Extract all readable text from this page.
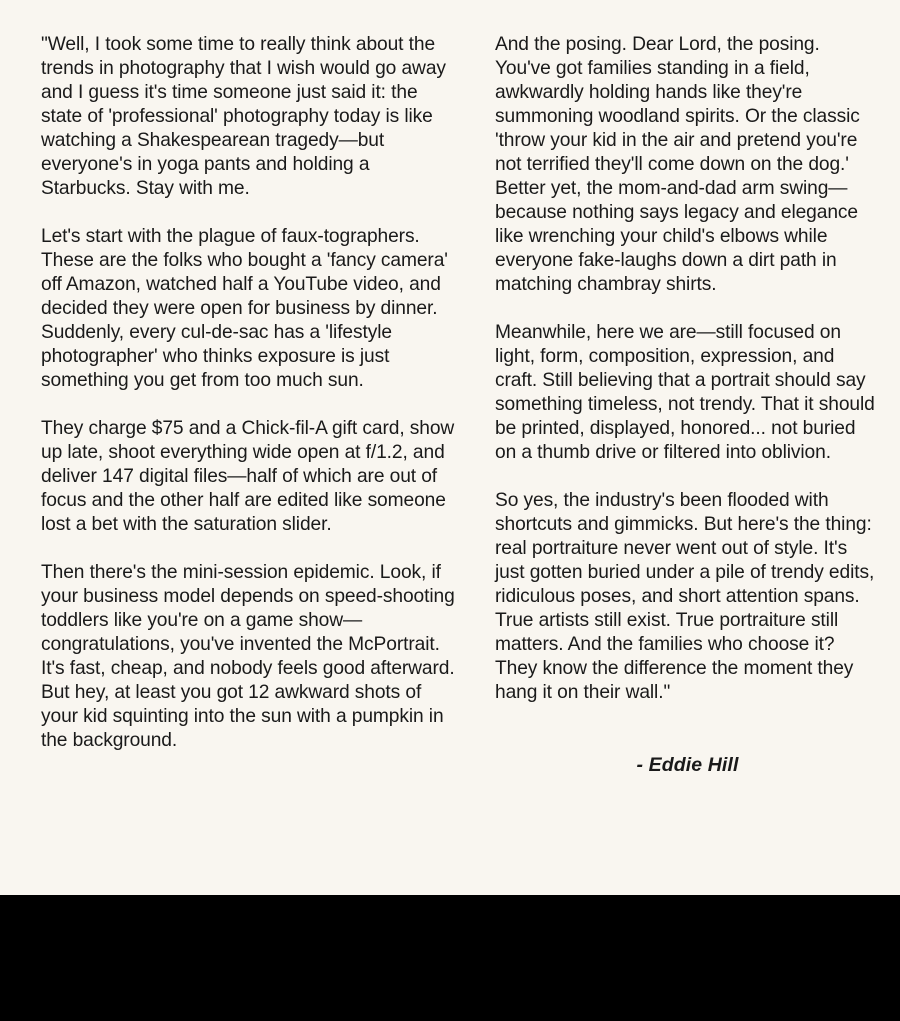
"Well, I took some time to really think about the trends in photography that I wish would go away and I guess it's time someone just said it: the state of 'professional' photography today is like watching a Shakespearean tragedy—but everyone's in yoga pants and holding a Starbucks. Stay with me.

Let's start with the plague of faux-tographers. These are the folks who bought a 'fancy camera' off Amazon, watched half a YouTube video, and decided they were open for business by dinner. Suddenly, every cul-de-sac has a 'lifestyle photographer' who thinks exposure is just something you get from too much sun.

They charge $75 and a Chick-fil-A gift card, show up late, shoot everything wide open at f/1.2, and deliver 147 digital files—half of which are out of focus and the other half are edited like someone lost a bet with the saturation slider.

Then there's the mini-session epidemic. Look, if your business model depends on speed-shooting toddlers like you're on a game show—congratulations, you've invented the McPortrait. It's fast, cheap, and nobody feels good afterward. But hey, at least you got 12 awkward shots of your kid squinting into the sun with a pumpkin in the background.

And the posing. Dear Lord, the posing. You've got families standing in a field, awkwardly holding hands like they're summoning woodland spirits. Or the classic 'throw your kid in the air and pretend you're not terrified they'll come down on the dog.' Better yet, the mom-and-dad arm swing—because nothing says legacy and elegance like wrenching your child's elbows while everyone fake-laughs down a dirt path in matching chambray shirts.

Meanwhile, here we are—still focused on light, form, composition, expression, and craft. Still believing that a portrait should say something timeless, not trendy. That it should be printed, displayed, honored... not buried on a thumb drive or filtered into oblivion.

So yes, the industry's been flooded with shortcuts and gimmicks. But here's the thing: real portraiture never went out of style. It's just gotten buried under a pile of trendy edits, ridiculous poses, and short attention spans. True artists still exist. True portraiture still matters. And the families who choose it? They know the difference the moment they hang it on their wall."

- Eddie Hill
